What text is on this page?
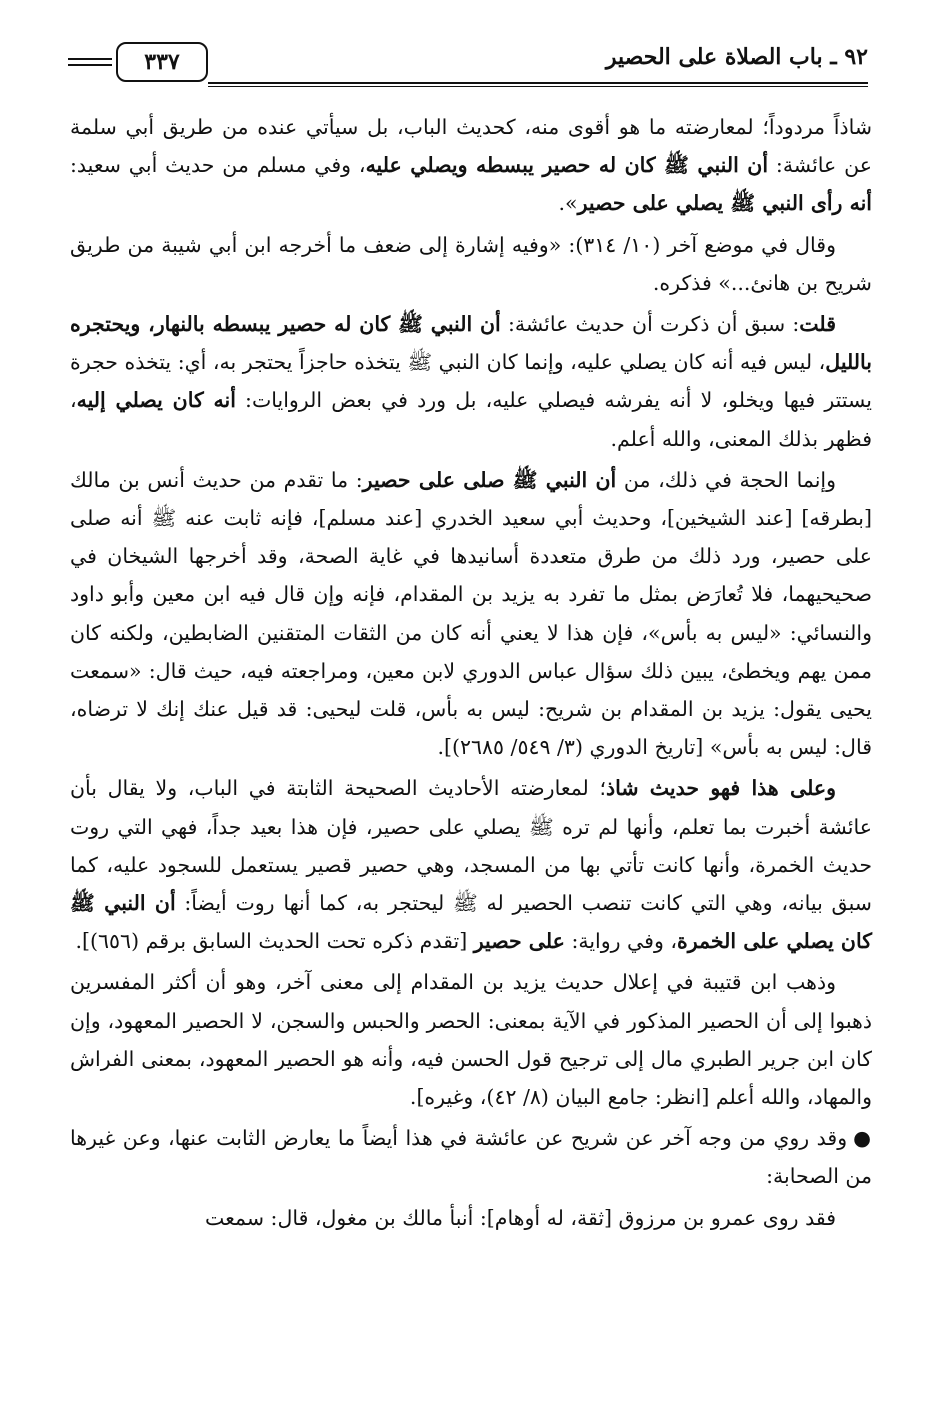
٩٢ ـ باب الصلاة على الحصير
٣٣٧

شاذاً مردوداً؛ لمعارضته ما هو أقوى منه، كحديث الباب، بل سيأتي عنده من طريق أبي سلمة عن عائشة: أن النبي ﷺ كان له حصير يبسطه ويصلي عليه، وفي مسلم من حديث أبي سعيد: أنه رأى النبي ﷺ يصلي على حصير».

وقال في موضع آخر (١٠/ ٣١٤): «وفيه إشارة إلى ضعف ما أخرجه ابن أبي شيبة من طريق شريح بن هانئ...» فذكره.

قلت: سبق أن ذكرت أن حديث عائشة: أن النبي ﷺ كان له حصير يبسطه بالنهار، ويحتجره بالليل، ليس فيه أنه كان يصلي عليه، وإنما كان النبي ﷺ يتخذه حاجزاً يحتجر به، أي: يتخذه حجرة يستتر فيها ويخلو، لا أنه يفرشه فيصلي عليه، بل ورد في بعض الروايات: أنه كان يصلي إليه، فظهر بذلك المعنى، والله أعلم.

وإنما الحجة في ذلك، من أن النبي ﷺ صلى على حصير: ما تقدم من حديث أنس بن مالك [بطرقه] [عند الشيخين]، وحديث أبي سعيد الخدري [عند مسلم]، فإنه ثابت عنه ﷺ أنه صلى على حصير، ورد ذلك من طرق متعددة أسانيدها في غاية الصحة، وقد أخرجها الشيخان في صحيحيهما، فلا تُعارَض بمثل ما تفرد به يزيد بن المقدام، فإنه وإن قال فيه ابن معين وأبو داود والنسائي: «ليس به بأس»، فإن هذا لا يعني أنه كان من الثقات المتقنين الضابطين، ولكنه كان ممن يهم ويخطئ، يبين ذلك سؤال عباس الدوري لابن معين، ومراجعته فيه، حيث قال: «سمعت يحيى يقول: يزيد بن المقدام بن شريح: ليس به بأس، قلت ليحيى: قد قيل عنك إنك لا ترضاه، قال: ليس به بأس» [تاريخ الدوري (٣/ ٥٤٩/ ٢٦٨٥)].

وعلى هذا فهو حديث شاذ؛ لمعارضته الأحاديث الصحيحة الثابتة في الباب، ولا يقال بأن عائشة أخبرت بما تعلم، وأنها لم تره ﷺ يصلي على حصير، فإن هذا بعيد جداً، فهي التي روت حديث الخمرة، وأنها كانت تأتي بها من المسجد، وهي حصير قصير يستعمل للسجود عليه، كما سبق بيانه، وهي التي كانت تنصب الحصير له ﷺ ليحتجر به، كما أنها روت أيضاً: أن النبي ﷺ كان يصلي على الخمرة، وفي رواية: على حصير [تقدم ذكره تحت الحديث السابق برقم (٦٥٦)].

وذهب ابن قتيبة في إعلال حديث يزيد بن المقدام إلى معنى آخر، وهو أن أكثر المفسرين ذهبوا إلى أن الحصير المذكور في الآية بمعنى: الحصر والحبس والسجن، لا الحصير المعهود، وإن كان ابن جرير الطبري مال إلى ترجيح قول الحسن فيه، وأنه هو الحصير المعهود، بمعنى الفراش والمهاد، والله أعلم [انظر: جامع البيان (٨/ ٤٢)، وغيره].

●وقد روي من وجه آخر عن شريح عن عائشة في هذا أيضاً ما يعارض الثابت عنها، وعن غيرها من الصحابة:

فقد روى عمرو بن مرزوق [ثقة، له أوهام]: أنبأ مالك بن مغول، قال: سمعت
